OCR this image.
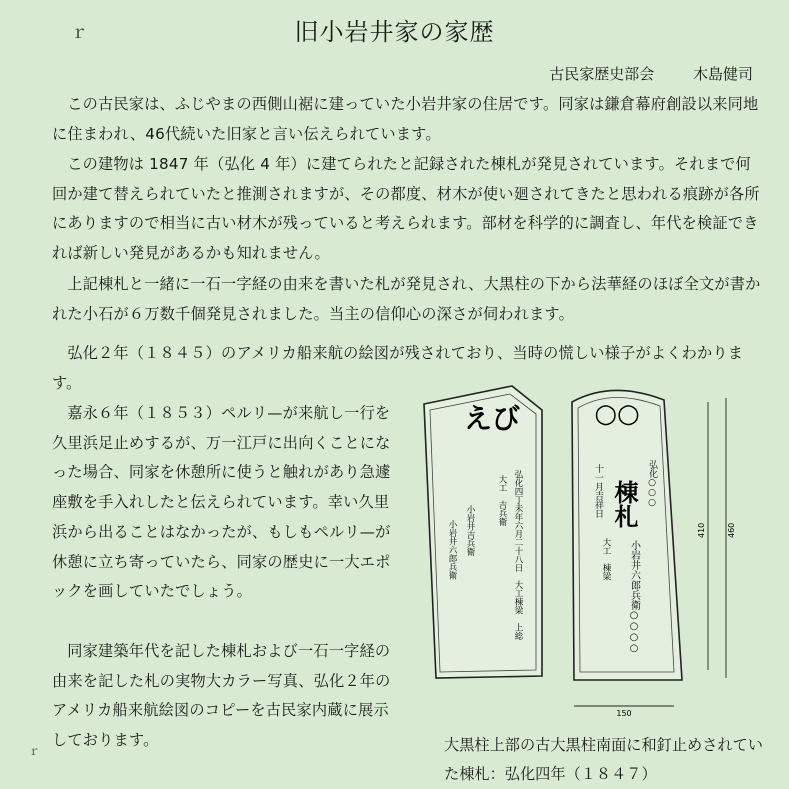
ｒ	旧小岩井家の家歴
古民家歴史部会	木島健司

この古民家は、ふじやまの西側山裾に建っていた小岩井家の住居です。同家は鎌倉幕府創設以来同地に住まわれ、46代続いた旧家と言い伝えられています。

この建物は 1847 年（弘化 4 年）に建てられたと記録された棟札が発見されています。それまで何回か建て替えられていたと推測されますが、その都度、材木が使い廻されてきたと思われる痕跡が各所にありますので相当に古い材木が残っていると考えられます。部材を科学的に調査し、年代を検証できれば新しい発見があるかも知れません。

上記棟札と一緒に一石一字経の由来を書いた札が発見され、大黒柱の下から法華経のほぼ全文が書かれた小石が６万数千個発見されました。当主の信仰心の深さが伺われます。

弘化２年（１８４５）のアメリカ船来航の絵図が残されており、当時の慌しい様子がよくわかります。

嘉永６年（１８５３）ペルリ—が来航し一行を久里浜足止めするが、万一江戸に出向くことになった場合、同家を休憩所に使うと触れがあり急遽座敷を手入れしたと伝えられています。幸い久里浜から出ることはなかったが、もしもペルリ—が休憩に立ち寄っていたら、同家の歴史に一大エポックを画していたでしょう。

同家建築年代を記した棟札および一石一字経の由来を記した札の実物大カラー写真、弘化２年のアメリカ船来航絵図のコピーを古民家内蔵に展示しております。

えび
弘化四丁未年六月二十八日　大工棟梁　上総
大工　吉兵衛
小岩井吉兵衛
小岩井六郎兵衛
○○
弘化○○○
十一月吉祥日 棟札
小岩井六郎兵衛○○○○
大工　棟梁
410	460
150
大黒柱上部の古大黒柱南面に和釘止めされていた棟札：弘化四年（１８４７）
ｒ
